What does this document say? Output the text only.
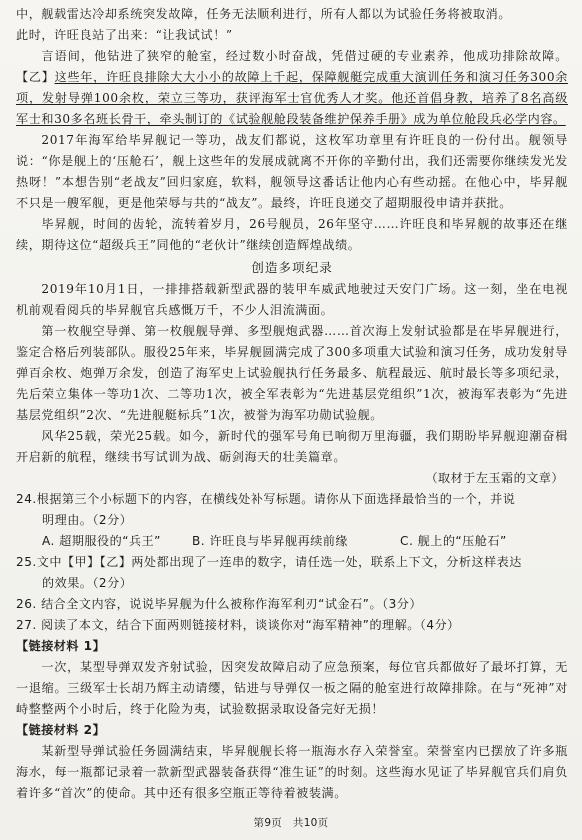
中，舰载雷达冷却系统突发故障，任务无法顺利进行，所有人都以为试验任务将被取消。

此时，许旺良站了出来：“让我试试！”

言语间，他钻进了狭窄的舱室，经过数小时奋战，凭借过硬的专业素养，他成功排除故障。【乙】这些年，许旺良排除大大小小的故障上千起，保障舰艇完成重大演训任务和演习任务300余项，发射导弹100余枚，荣立三等功，获评海军士官优秀人才奖。他还首倡身教，培养了8名高级军士和30多名班长骨干，牵头制订的《试验舰舱段装备维护保养手册》成为单位舱段兵必学内容。

2017年海军给毕昇舰记一等功，战友们都说，这枚军功章里有许旺良的一份付出。舰领导说：“你是舰上的‘压舱石’，舰上这些年的发展成就离不开你的辛勤付出，我们还需要你继续发光发热呀！”本想告别“老战友”回归家庭，软料，舰领导这番话让他内心有些动摇。在他心中，毕昇舰不只是一艘军舰，更是他荣辱与共的“战友”。最终，许旺良递交了超期服役申请并获批。

毕昇舰，时间的齿轮，流转着岁月，26号舰员，26年坚守……许旺良和毕昇舰的故事还在继续，期待这位“超级兵王”同他的“老伙计”继续创造辉煌战绩。

创造多项纪录

2019年10月1日，一排排搭载新型武器的装甲车威武地驶过天安门广场。这一刻，坐在电视机前观看阅兵的毕昇舰官兵感慨万千，不少人泪流满面。

第一枚舰空导弹、第一枚舰舰导弹、多型舰炮武器……首次海上发射试验都是在毕昇舰进行，鉴定合格后列装部队。服役25年来，毕昇舰圆满完成了300多项重大试验和演习任务，成功发射导弹百余枚、炮弹万余发，创造了海军史上试验舰执行任务最多、航程最远、航时最长等多项纪录，先后荣立集体一等功1次、二等功1次，被全军表彰为“先进基层党组织”1次，被海军表彰为“先进基层党组织”2次、“先进舰艇标兵”1次，被誉为海军功勋试验舰。

风华25载，荣光25载。如今，新时代的强军号角已响彻万里海疆，我们期盼毕昇舰迎潮奋楫开启新的航程，继续书写试训为战、砺剑海天的壮美篇章。

（取材于左玉霜的文章）

24.根据第三个小标题下的内容，在横线处补写标题。请你从下面选择最恰当的一个，并说
明理由。（2分）

A. 超期服役的“兵王”	B. 许旺良与毕昇舰再续前缘	C. 舰上的“压舱石”

25.文中【甲】【乙】两处都出现了一连串的数字，请任选一处，联系上下文，分析这样表达
的效果。（2分）

26. 结合全文内容，说说毕昇舰为什么被称作海军利刃“试金石”。（3分）

27. 阅读了本文，结合下面两则链接材料，谈谈你对“海军精神”的理解。（4分）

【链接材料 1】

一次，某型导弹双发齐射试验，因突发故障启动了应急预案，每位官兵都做好了最坏打算，无一退缩。三级军士长胡乃辉主动请缨，钻进与导弹仅一板之隔的舱室进行故障排除。在与“死神”对峙整整两个小时后，终于化险为夷，试验数据录取设备完好无损！

【链接材料 2】

某新型导弹试验任务圆满结束，毕昇舰舰长将一瓶海水存入荣誉室。荣誉室内已摆放了许多瓶海水，每一瓶都记录着一款新型武器装备获得“准生证”的时刻。这些海水见证了毕昇舰官兵们肩负着许多“首次”的使命。其中还有很多空瓶正等待着被装满。

第9页　共10页
